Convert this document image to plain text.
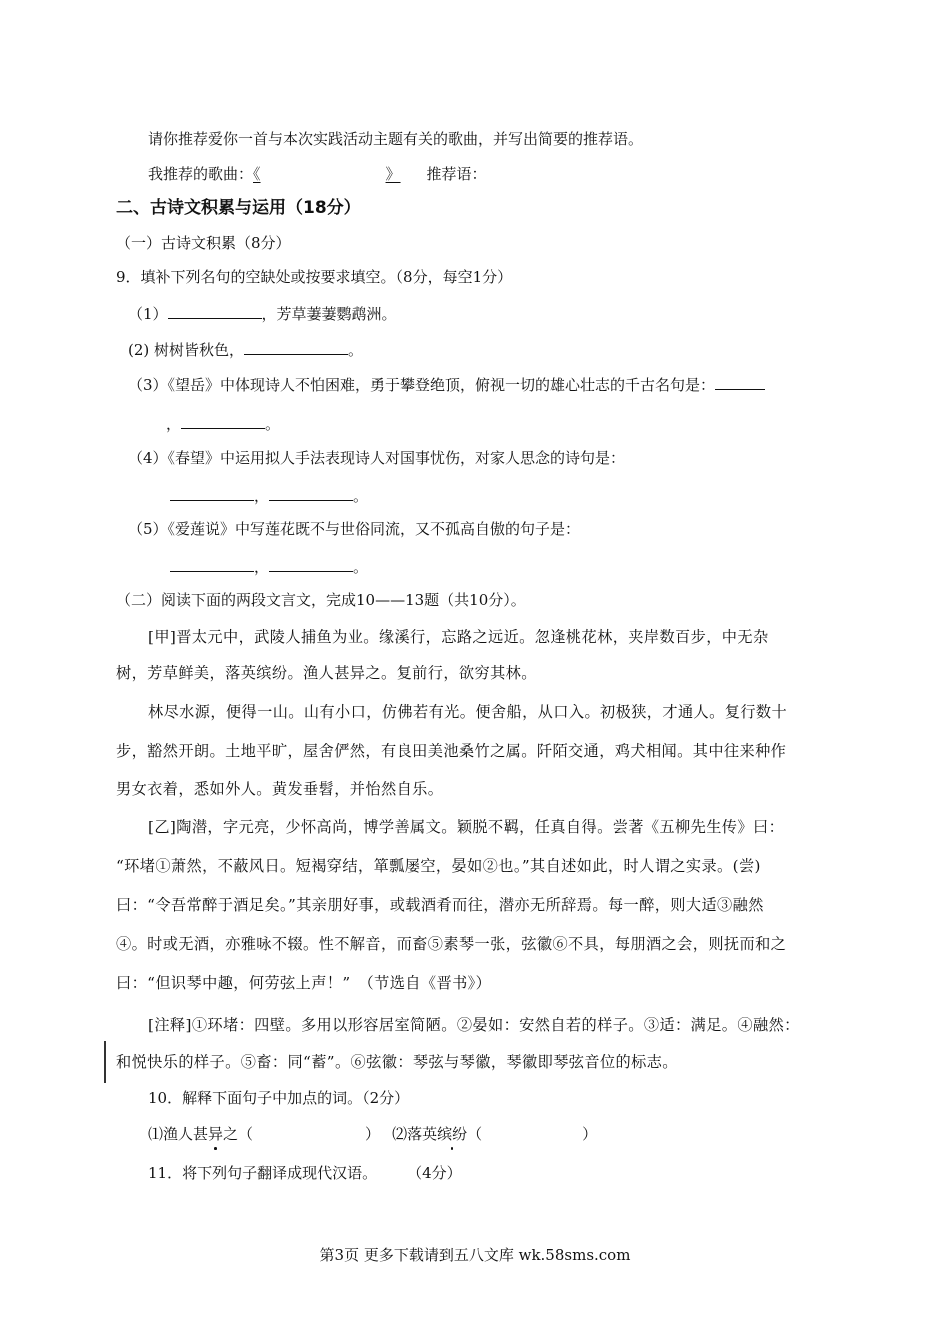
请你推荐爱你一首与本次实践活动主题有关的歌曲，并写出简要的推荐语。
我推荐的歌曲：《	》 推荐语：
二、古诗文积累与运用（18分）
（一）古诗文积累（8分）
9．填补下列名句的空缺处或按要求填空。（8分，每空1分）
（1）	，芳草萋萋鹦鹉洲。
(2) 树树皆秋色，	。
（3）《望岳》中体现诗人不怕困难，勇于攀登绝顶，俯视一切的雄心壮志的千古名句是：
，	。
（4）《春望》中运用拟人手法表现诗人对国事忧伤，对家人思念的诗句是：
，	。
（5）《爱莲说》中写莲花既不与世俗同流，又不孤高自傲的句子是：
，	。
（二）阅读下面的两段文言文，完成10——13题（共10分）。
[甲]晋太元中，武陵人捕鱼为业。缘溪行，忘路之远近。忽逢桃花林，夹岸数百步，中无杂
树，芳草鲜美，落英缤纷。渔人甚异之。复前行，欲穷其林。
林尽水源，便得一山。山有小口，仿佛若有光。便舍船，从口入。初极狭，才通人。复行数十
步，豁然开朗。土地平旷，屋舍俨然，有良田美池桑竹之属。阡陌交通，鸡犬相闻。其中往来种作
男女衣着，悉如外人。黄发垂髫，并怡然自乐。
[乙]陶潜，字元亮，少怀高尚，博学善属文。颖脱不羁，任真自得。尝著《五柳先生传》曰：
“环堵①萧然，不蔽风日。短褐穿结，箪瓢屡空，晏如②也。”其自述如此，时人谓之实录。(尝)
曰：“令吾常醉于酒足矣。”其亲朋好事，或载酒肴而往，潜亦无所辞焉。每一醉，则大适③融然
④。时或无酒，亦雅咏不辍。性不解音，而畜⑤素琴一张，弦徽⑥不具，每朋酒之会，则抚而和之
曰：“但识琴中趣，何劳弦上声！”　（节选自《晋书》）
[注释]①环堵：四壁。多用以形容居室简陋。②晏如：安然自若的样子。③适：满足。④融然：
和悦快乐的样子。⑤畜：同“蓄”。⑥弦徽：琴弦与琴徽，琴徽即琴弦音位的标志。
10．解释下面句子中加点的词。（2分）
⑴渔人甚异之（	） ⑵落英缤纷（	）
11．将下列句子翻译成现代汉语。 （4分）
第3页 更多下载请到五八文库 wk.58sms.com
